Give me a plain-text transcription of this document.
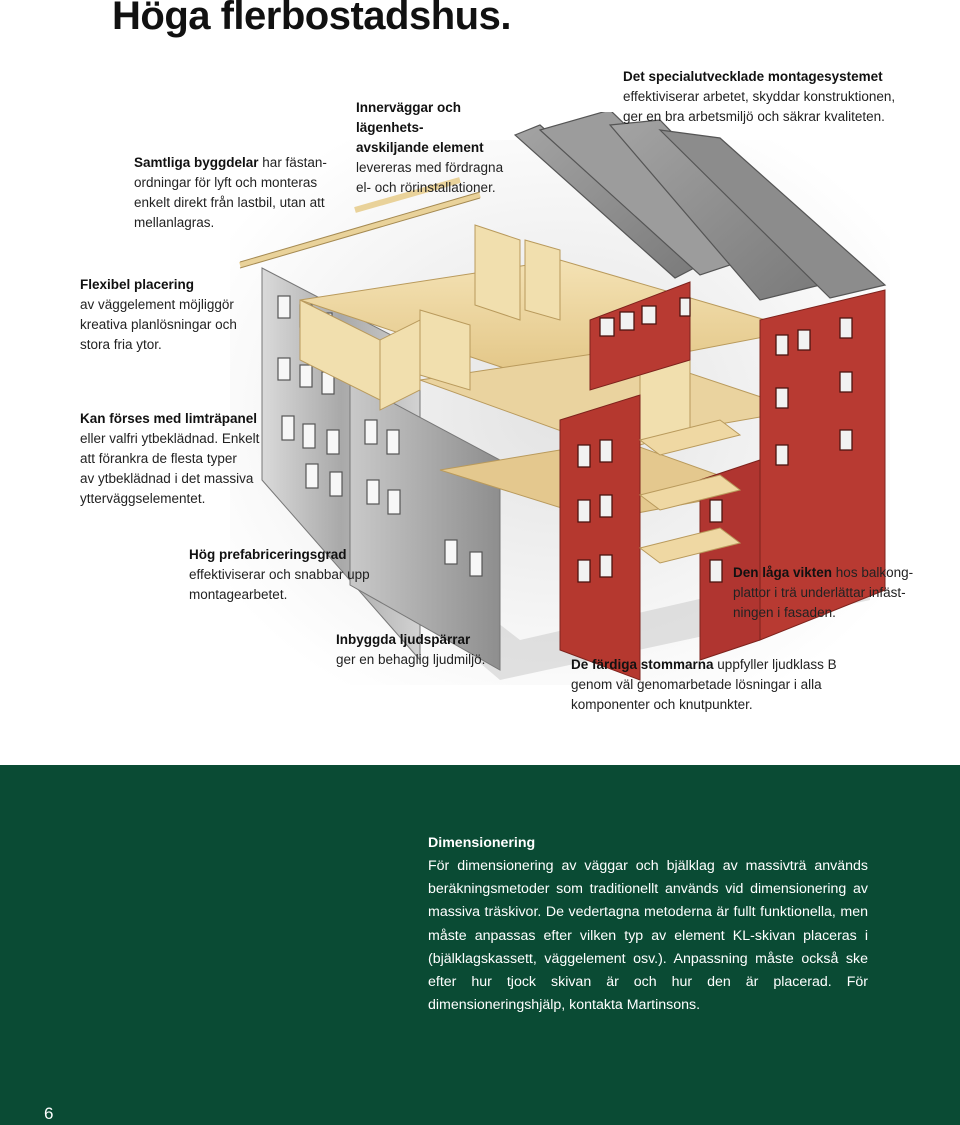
Höga flerbostadshus.

Samtliga byggdelar har fästan-

ordningar för lyft och monteras

enkelt direkt från lastbil, utan att

mellanlagras.

Innerväggar och lägenhets-

avskiljande element

levereras med fördragna

el- och rörinstallationer.

Det specialutvecklade montagesystemet

effektiviserar arbetet, skyddar konstruktionen,

ger en bra arbetsmiljö och säkrar kvaliteten.

Flexibel placering

av väggelement möjliggör

kreativa planlösningar och

stora fria ytor.

Kan förses med limträpanel

eller valfri ytbeklädnad. Enkelt

att förankra de flesta typer

av ytbeklädnad i det massiva

ytterväggselementet.

Hög prefabriceringsgrad

effektiviserar och snabbar upp

montagearbetet.

Inbyggda ljudspärrar

ger en behaglig ljudmiljö.

Den låga vikten hos balkong-

plattor i trä underlättar infäst-

ningen i fasaden.

De färdiga stommarna uppfyller ljudklass B

genom väl genomarbetade lösningar i alla

komponenter och knutpunkter.

Dimensionering

För dimensionering av väggar och bjälklag av massivträ används beräkningsmetoder som traditionellt används vid dimensionering av massiva träskivor. De vedertagna metoderna är fullt funktionella, men måste anpassas efter vilken typ av element KL-skivan placeras i (bjälklagskassett, väggelement osv.). Anpassning måste också ske efter hur tjock skivan är och hur den är placerad. För dimensioneringshjälp, kontakta Martinsons.

6
